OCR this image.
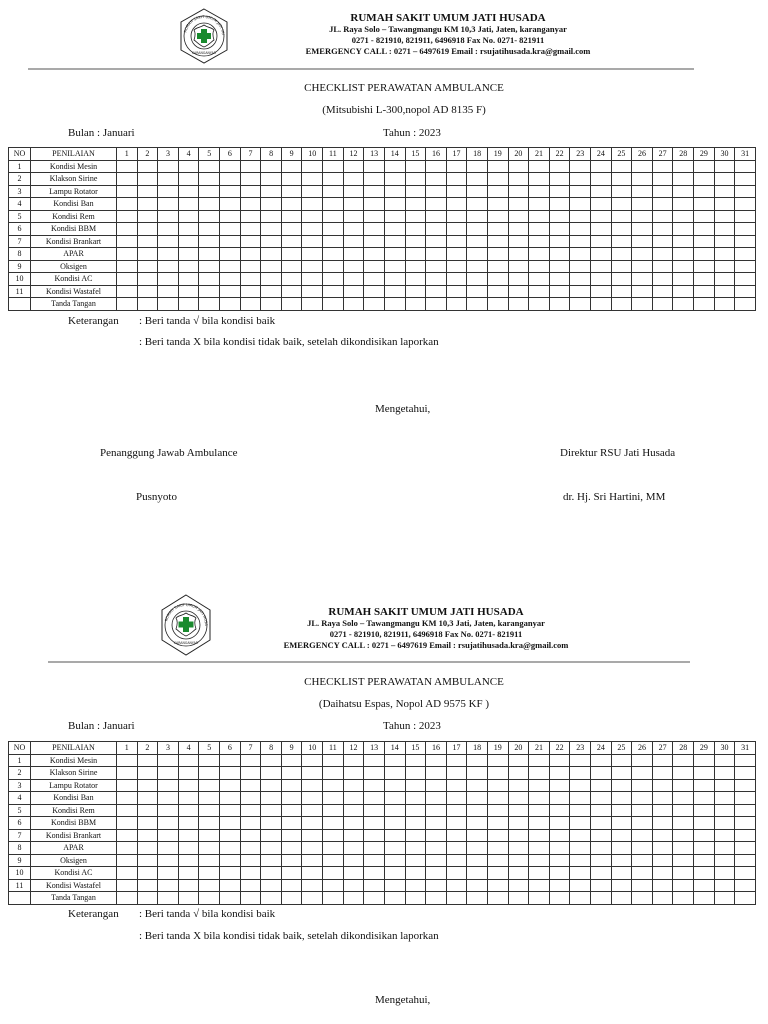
RUMAH SAKIT UMUM JATI HU
KARANGANYAR
RUMAH SAKIT UMUM JATI HUSADA
JL. Raya Solo – Tawangmangu KM 10,3 Jati, Jaten, karanganyar
0271 - 821910, 821911, 6496918 Fax No. 0271- 821911
EMERGENCY CALL : 0271 – 6497619 Email : rsujatihusada.kra@gmail.com
CHECKLIST PERAWATAN AMBULANCE
(Mitsubishi L-300,nopol AD 8135 F)
Bulan : Januari	Tahun : 2023
NO	PENILAIAN	1	2	3	4	5	6	7	8	9	10	11	12	13	14	15	16	17	18	19	20	21	22	23	24	25	26	27	28	29	30	31
1	Kondisi Mesin																															
2	Klakson Sirine																															
3	Lampu Rotator																															
4	Kondisi Ban																															
5	Kondisi Rem																															
6	Kondisi BBM																															
7	Kondisi Brankart																															
8	APAR																															
9	Oksigen																															
10	Kondisi AC																															
11	Kondisi Wastafel																															
	Tanda Tangan																															
Keterangan : Beri tanda √ bila kondisi baik
: Beri tanda X bila kondisi tidak baik, setelah dikondisikan laporkan
Mengetahui,
Penanggung Jawab Ambulance	Direktur RSU Jati Husada
Pusnyoto	dr. Hj. Sri Hartini, MM
RUMAH SAKIT UMUM JATI HUSA
KARANGANYAR
RUMAH SAKIT UMUM JATI HUSADA
JL. Raya Solo – Tawangmangu KM 10,3 Jati, Jaten, karanganyar
0271 - 821910, 821911, 6496918 Fax No. 0271- 821911
EMERGENCY CALL : 0271 – 6497619 Email : rsujatihusada.kra@gmail.com
CHECKLIST PERAWATAN AMBULANCE
(Daihatsu Espas, Nopol AD 9575 KF )
Bulan : Januari	Tahun : 2023
NO	PENILAIAN	1	2	3	4	5	6	7	8	9	10	11	12	13	14	15	16	17	18	19	20	21	22	23	24	25	26	27	28	29	30	31
1	Kondisi Mesin																															
2	Klakson Sirine																															
3	Lampu Rotator																															
4	Kondisi Ban																															
5	Kondisi Rem																															
6	Kondisi BBM																															
7	Kondisi Brankart																															
8	APAR																															
9	Oksigen																															
10	Kondisi AC																															
11	Kondisi Wastafel																															
	Tanda Tangan																															
Keterangan : Beri tanda √ bila kondisi baik
: Beri tanda X bila kondisi tidak baik, setelah dikondisikan laporkan
Mengetahui,
